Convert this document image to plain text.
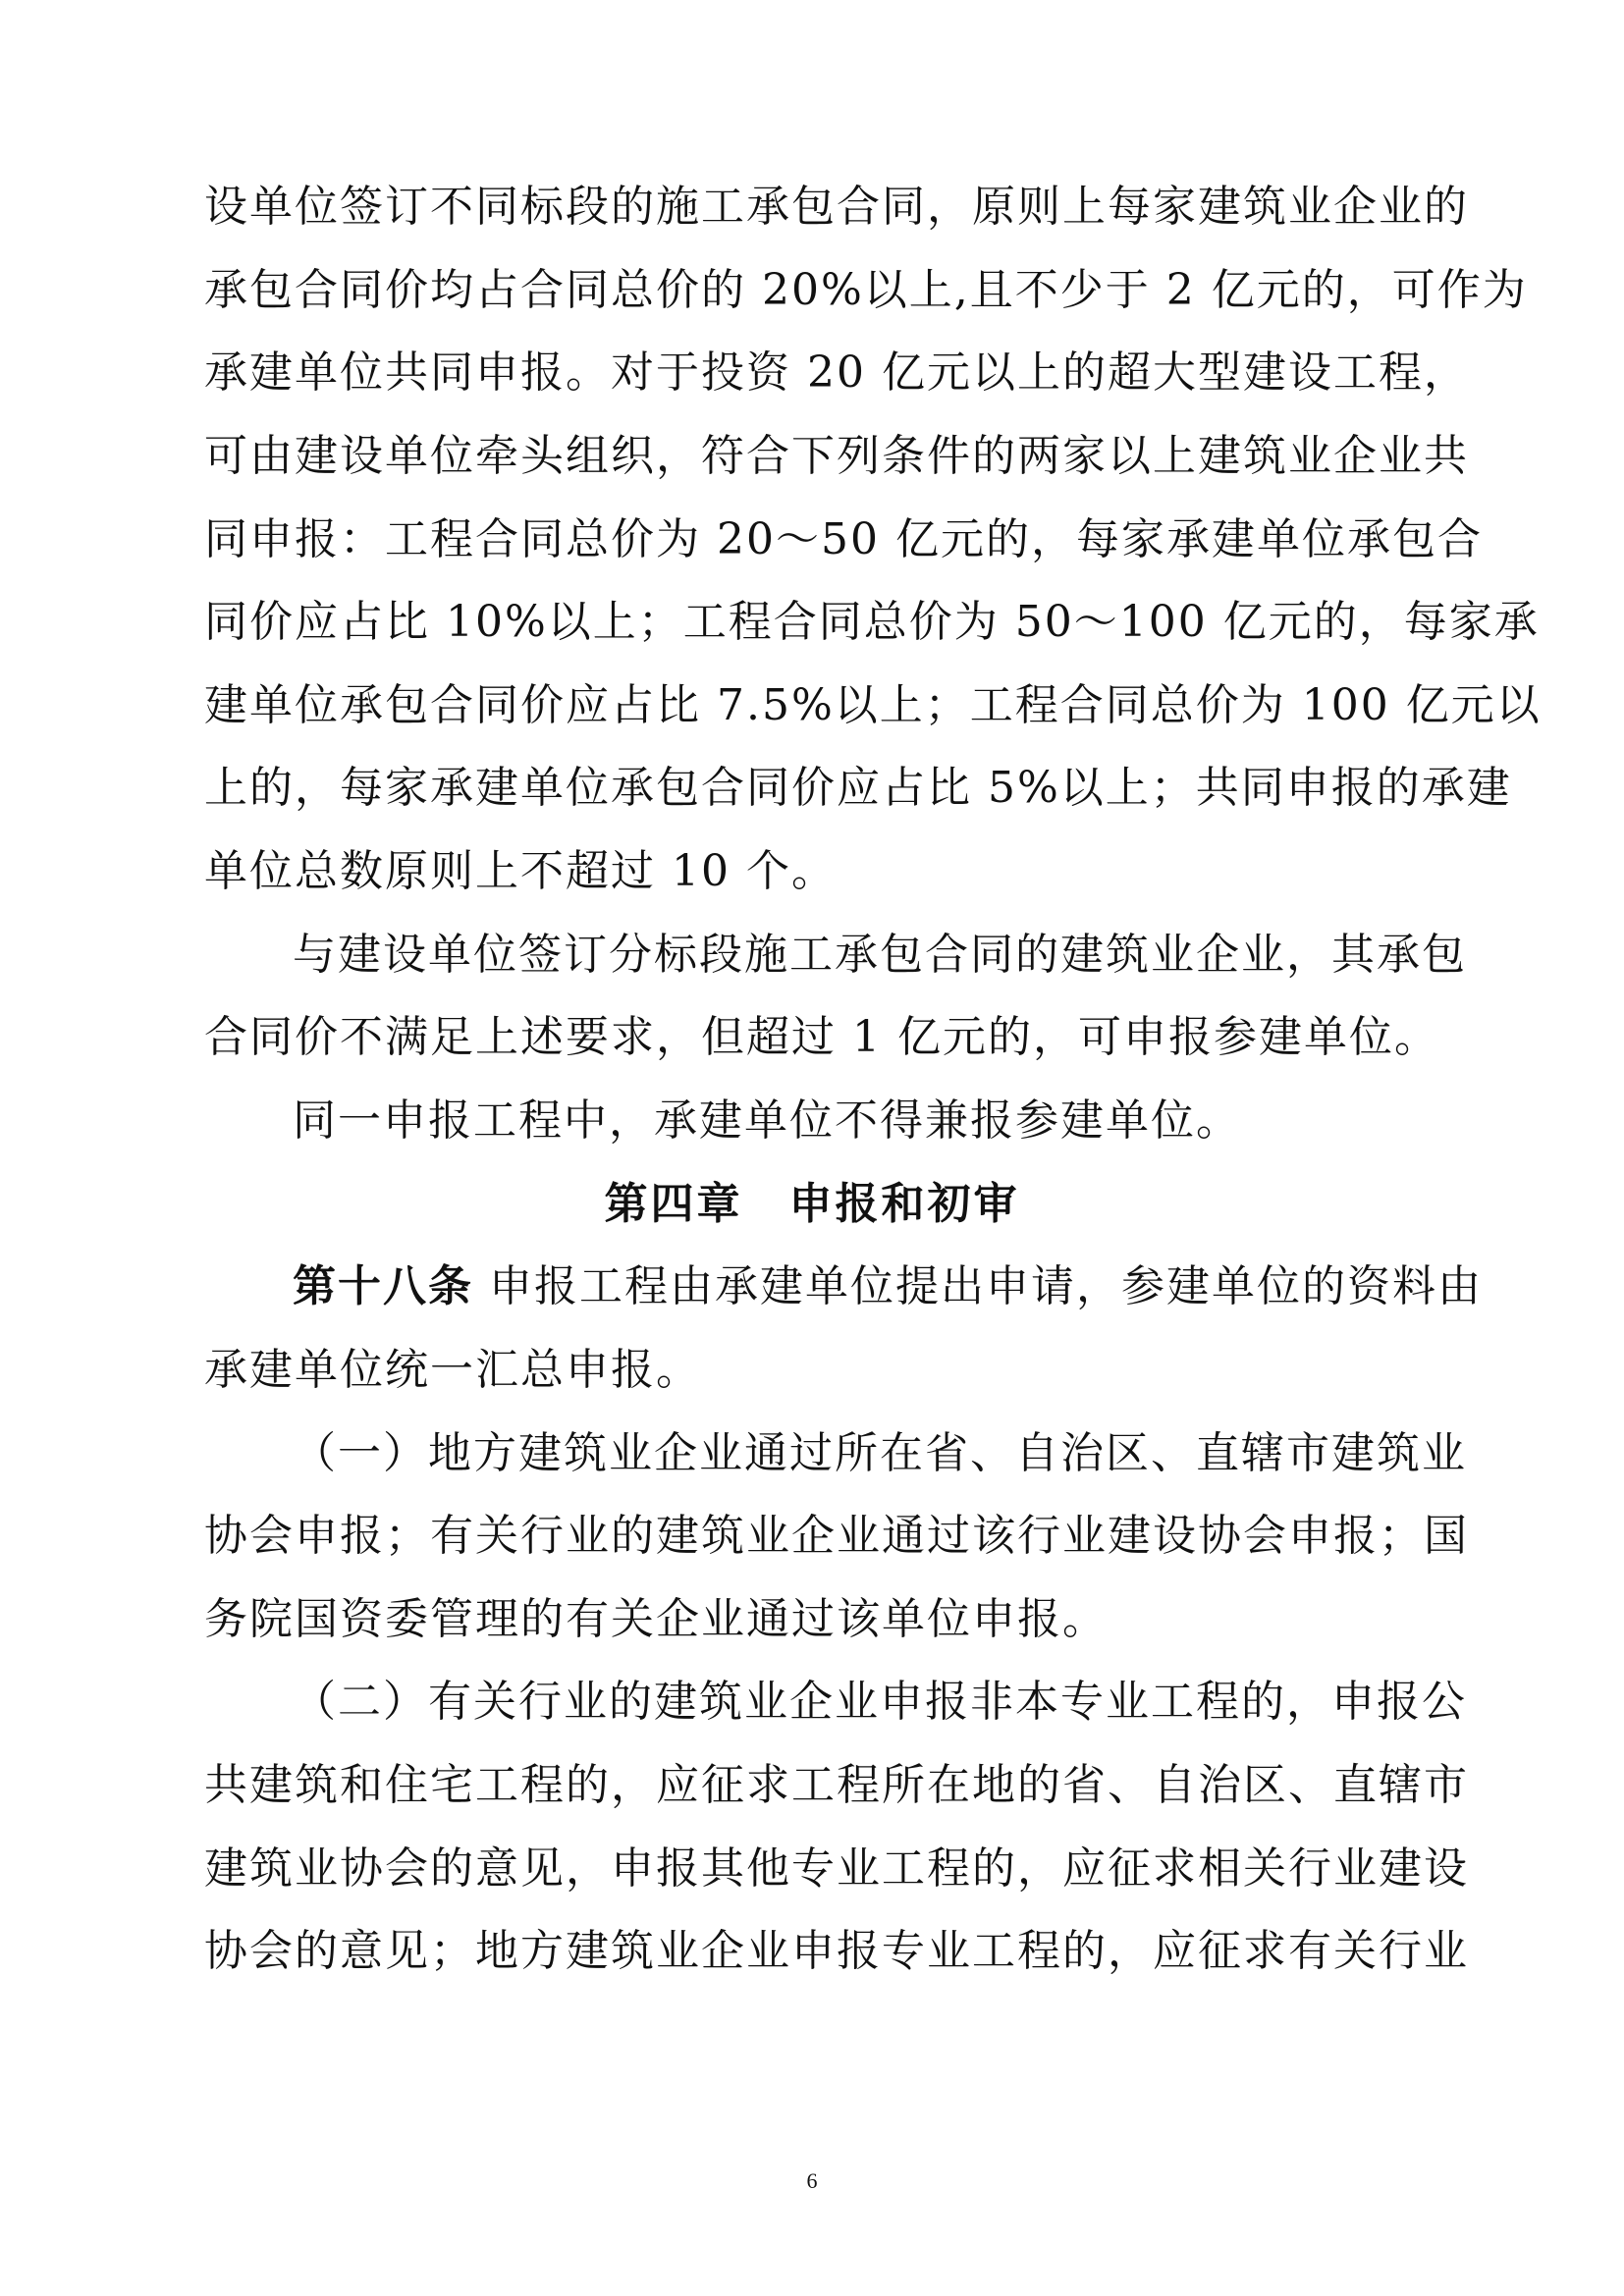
设单位签订不同标段的施工承包合同，原则上每家建筑业企业的
承包合同价均占合同总价的 20%以上,且不少于 2 亿元的，可作为
承建单位共同申报。对于投资 20 亿元以上的超大型建设工程，
可由建设单位牵头组织，符合下列条件的两家以上建筑业企业共
同申报：工程合同总价为 20～50 亿元的，每家承建单位承包合
同价应占比 10%以上；工程合同总价为 50～100 亿元的，每家承
建单位承包合同价应占比 7.5%以上；工程合同总价为 100 亿元以
上的，每家承建单位承包合同价应占比 5%以上；共同申报的承建
单位总数原则上不超过 10 个。
与建设单位签订分标段施工承包合同的建筑业企业，其承包
合同价不满足上述要求，但超过 1 亿元的，可申报参建单位。
同一申报工程中，承建单位不得兼报参建单位。
第四章　申报和初审
第十八条 申报工程由承建单位提出申请，参建单位的资料由
承建单位统一汇总申报。
（一）地方建筑业企业通过所在省、自治区、直辖市建筑业
协会申报；有关行业的建筑业企业通过该行业建设协会申报；国
务院国资委管理的有关企业通过该单位申报。
（二）有关行业的建筑业企业申报非本专业工程的，申报公
共建筑和住宅工程的，应征求工程所在地的省、自治区、直辖市
建筑业协会的意见，申报其他专业工程的，应征求相关行业建设
协会的意见；地方建筑业企业申报专业工程的，应征求有关行业
6
